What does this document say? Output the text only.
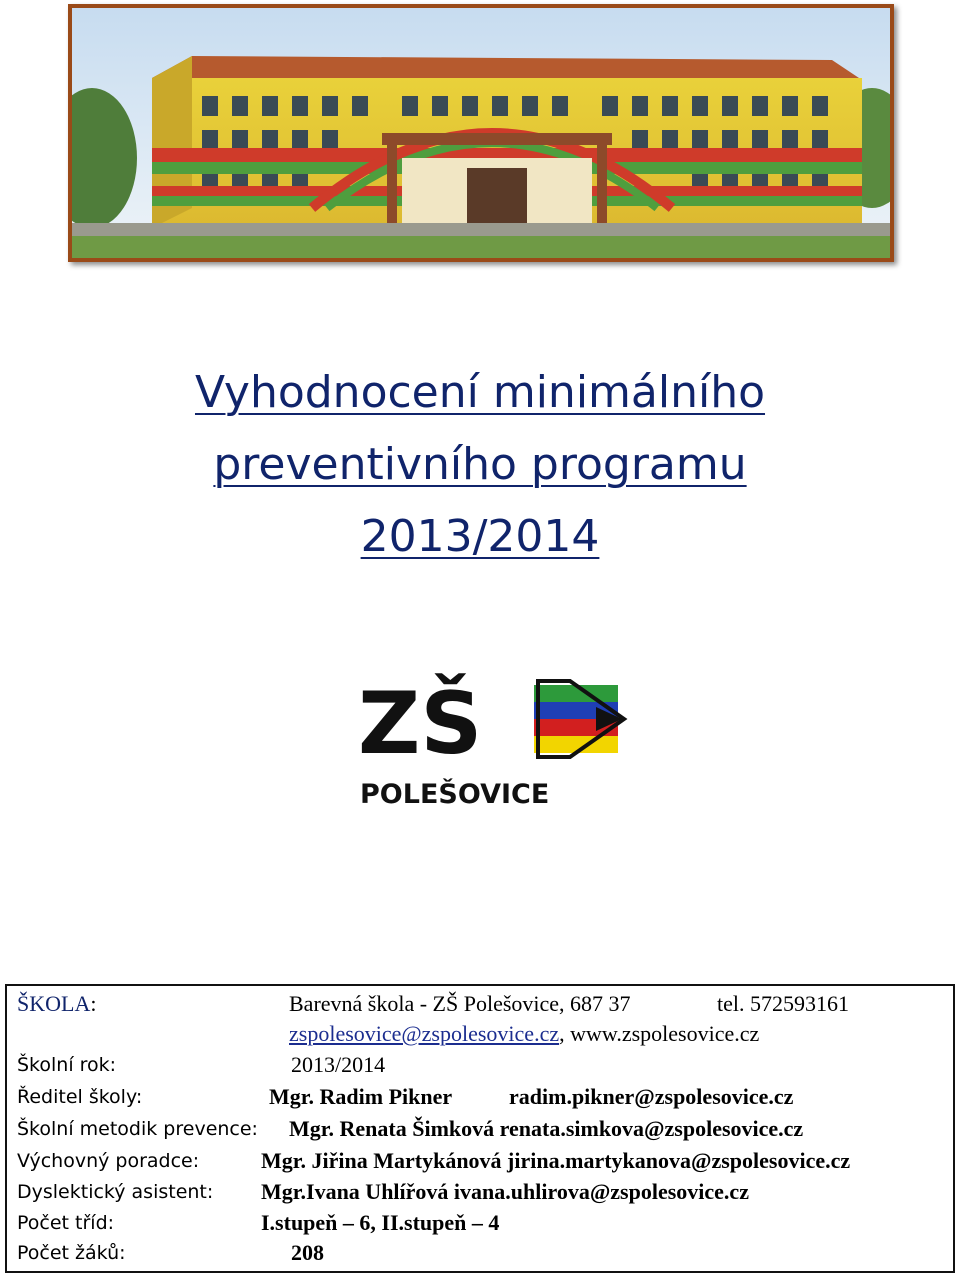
Vyhodnocení minimálního
preventivního programu
2013/2014
ZŠ
POLEŠOVICE
ŠKOLA:	Barevná škola - ZŠ Polešovice, 687 37	tel. 572593161
zspolesovice@zspolesovice.cz, www.zspolesovice.cz
Školní rok:	2013/2014
Ředitel školy:	Mgr. Radim Pikner	radim.pikner@zspolesovice.cz
Školní metodik prevence: Mgr. Renata Šimková renata.simkova@zspolesovice.cz
Výchovný poradce:	Mgr. Jiřina Martykánová jirina.martykanova@zspolesovice.cz
Dyslektický asistent: Mgr.Ivana Uhlířová ivana.uhlirova@zspolesovice.cz
Počet tříd:	I.stupeň – 6, II.stupeň – 4
Počet žáků:	208
